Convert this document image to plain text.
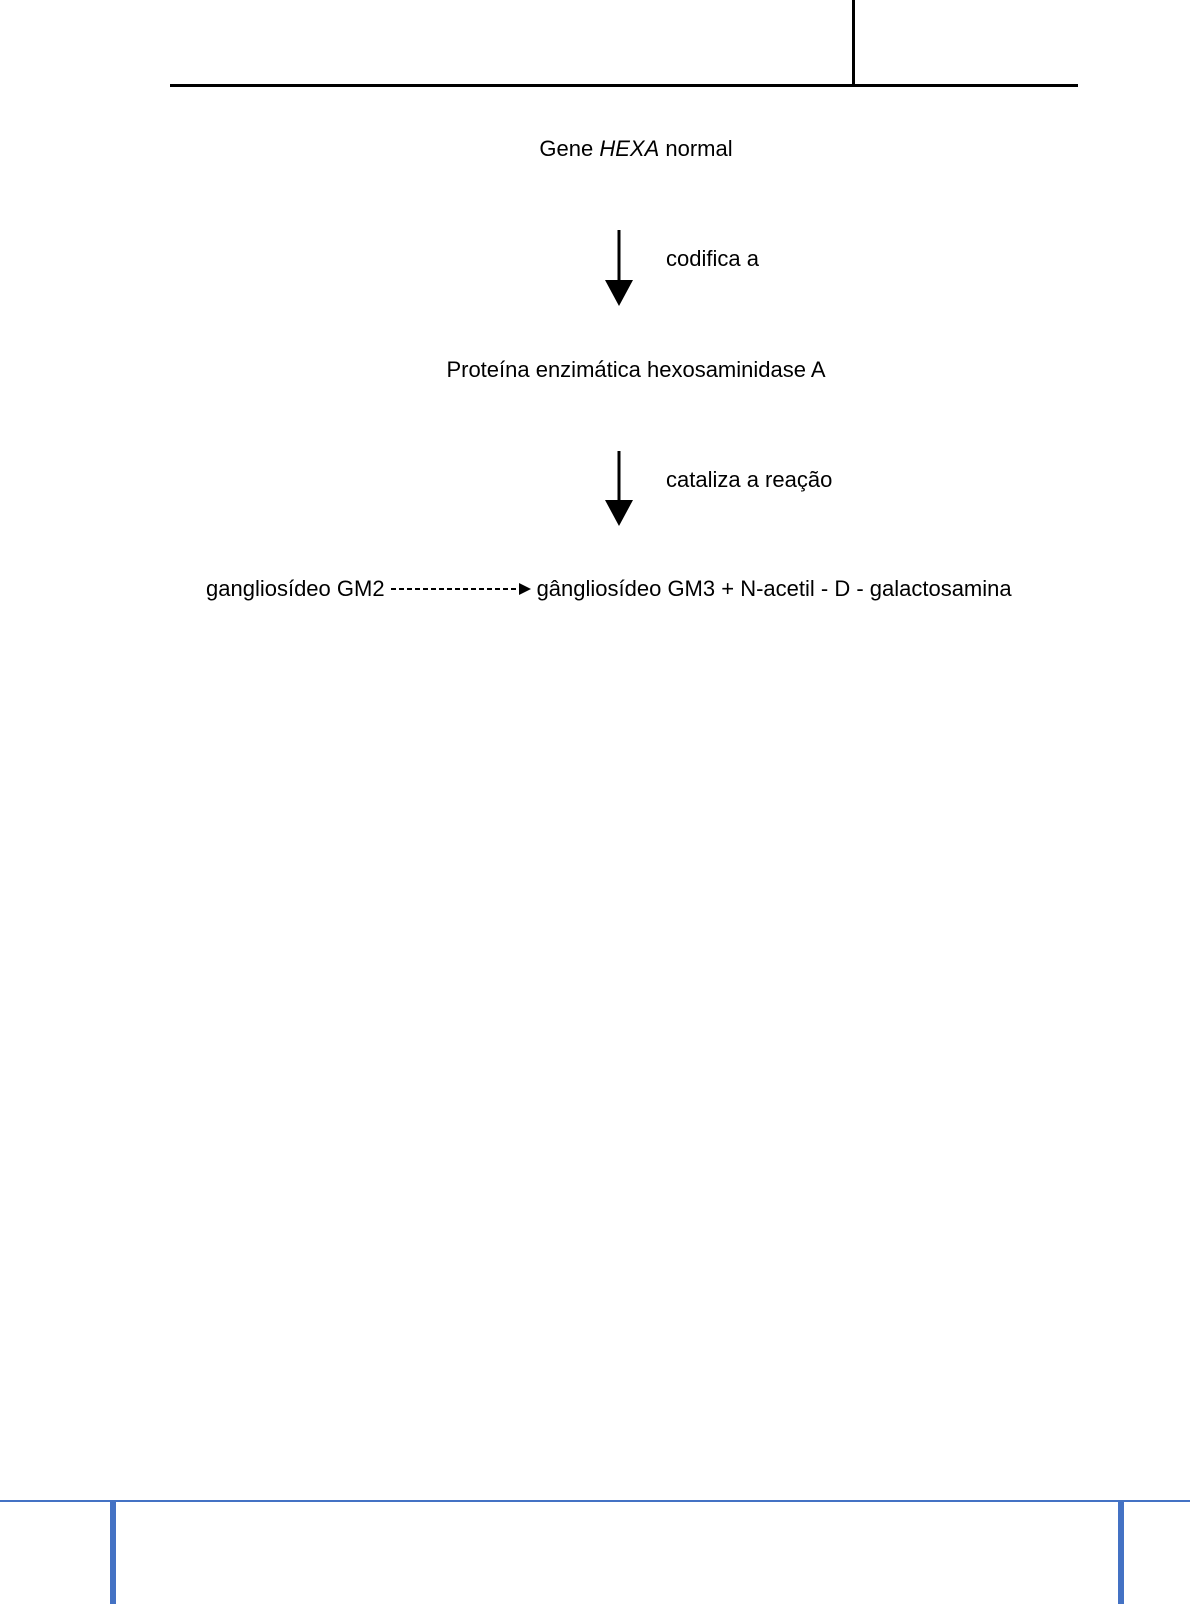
Gene HEXA normal
codifica a
Proteína enzimática hexosaminidase A
cataliza a reação
gangliosídeo GM2	gângliosídeo GM3 + N-acetil - D - galactosamina
